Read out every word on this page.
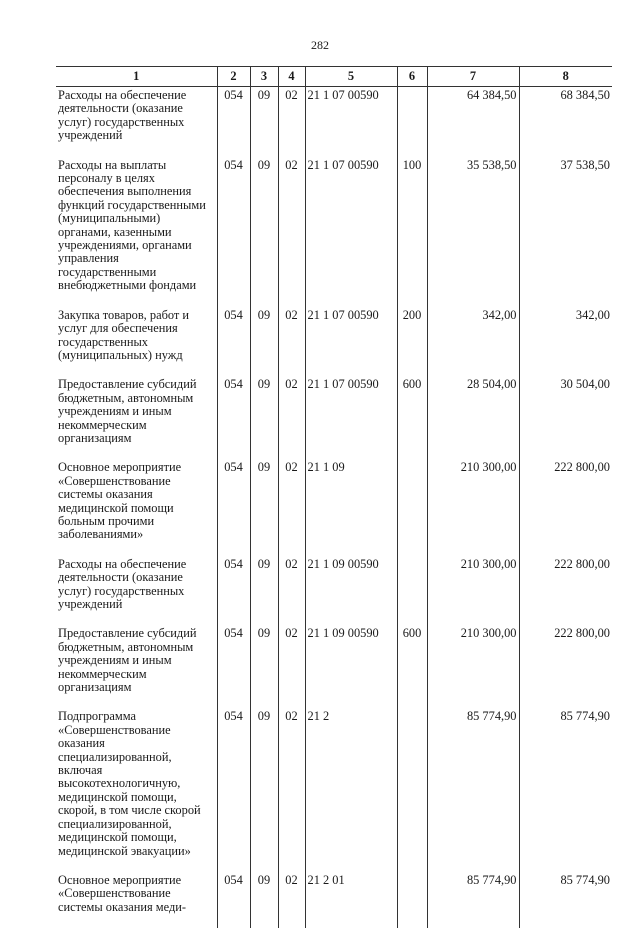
282
1	2	3	4	5	6	7	8
Расходы на обеспечение деятельности (оказание услуг) государственных учреждений	054	09	02	21 1 07 00590		64 384,50	68 384,50
Расходы на выплаты персоналу в целях обеспечения выполнения функций государственными (муниципальными) органами, казенными учреждениями, органами управления государственными внебюджетными фондами	054	09	02	21 1 07 00590	100	35 538,50	37 538,50
Закупка товаров, работ и услуг для обеспечения государственных (муниципальных) нужд	054	09	02	21 1 07 00590	200	342,00	342,00
Предоставление субсидий бюджетным, автономным учреждениям и иным некоммерческим организациям	054	09	02	21 1 07 00590	600	28 504,00	30 504,00
Основное мероприятие «Совершенствование системы оказания медицинской помощи больным прочими заболеваниями»	054	09	02	21 1 09		210 300,00	222 800,00
Расходы на обеспечение деятельности (оказание услуг) государственных учреждений	054	09	02	21 1 09 00590		210 300,00	222 800,00
Предоставление субсидий бюджетным, автономным учреждениям и иным некоммерческим организациям	054	09	02	21 1 09 00590	600	210 300,00	222 800,00
Подпрограмма «Совершенствование оказания специализированной, включая высокотехнологичную, медицинской помощи, скорой, в том числе скорой специализированной, медицинской помощи, медицинской эвакуации»	054	09	02	21 2		85 774,90	85 774,90
Основное мероприятие «Совершенствование системы оказания меди-	054	09	02	21 2 01		85 774,90	85 774,90
